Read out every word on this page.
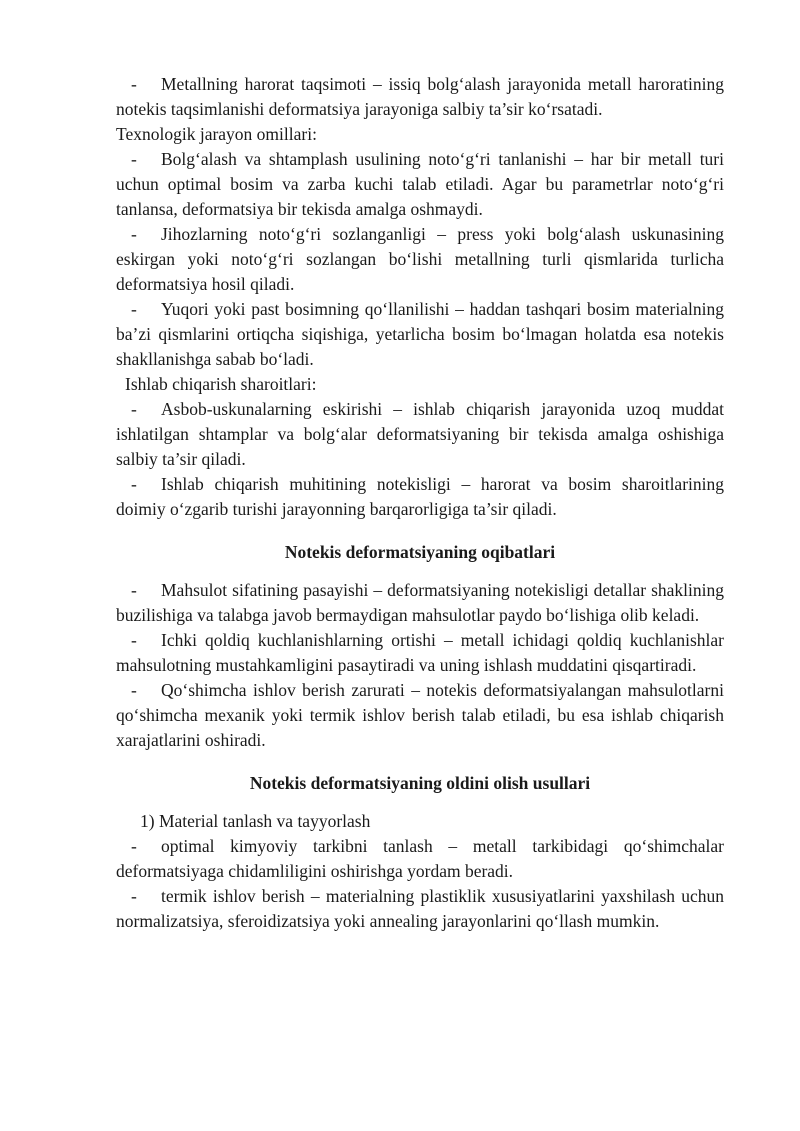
- Metallning harorat taqsimoti – issiq bolg‘alash jarayonida metall haroratining notekis taqsimlanishi deformatsiya jarayoniga salbiy ta’sir ko‘rsatadi.

Texnologik jarayon omillari:

- Bolg‘alash va shtamplash usulining noto‘g‘ri tanlanishi – har bir metall turi uchun optimal bosim va zarba kuchi talab etiladi. Agar bu parametrlar noto‘g‘ri tanlansa, deformatsiya bir tekisda amalga oshmaydi.

- Jihozlarning noto‘g‘ri sozlanganligi – press yoki bolg‘alash uskunasining eskirgan yoki noto‘g‘ri sozlangan bo‘lishi metallning turli qismlarida turlicha deformatsiya hosil qiladi.

- Yuqori yoki past bosimning qo‘llanilishi – haddan tashqari bosim materialning ba’zi qismlarini ortiqcha siqishiga, yetarlicha bosim bo‘lmagan holatda esa notekis shakllanishga sabab bo‘ladi.

Ishlab chiqarish sharoitlari:

- Asbob-uskunalarning eskirishi – ishlab chiqarish jarayonida uzoq muddat ishlatilgan shtamplar va bolg‘alar deformatsiyaning bir tekisda amalga oshishiga salbiy ta’sir qiladi.

- Ishlab chiqarish muhitining notekisligi – harorat va bosim sharoitlarining doimiy o‘zgarib turishi jarayonning barqarorligiga ta’sir qiladi.

Notekis deformatsiyaning oqibatlari

- Mahsulot sifatining pasayishi – deformatsiyaning notekisligi detallar shaklining buzilishiga va talabga javob bermaydigan mahsulotlar paydo bo‘lishiga olib keladi.

- Ichki qoldiq kuchlanishlarning ortishi – metall ichidagi qoldiq kuchlanishlar mahsulotning mustahkamligini pasaytiradi va uning ishlash muddatini qisqartiradi.

- Qo‘shimcha ishlov berish zarurati – notekis deformatsiyalangan mahsulotlarni qo‘shimcha mexanik yoki termik ishlov berish talab etiladi, bu esa ishlab chiqarish xarajatlarini oshiradi.

Notekis deformatsiyaning oldini olish usullari

1) Material tanlash va tayyorlash

- optimal kimyoviy tarkibni tanlash – metall tarkibidagi qo‘shimchalar deformatsiyaga chidamliligini oshirishga yordam beradi.

- termik ishlov berish – materialning plastiklik xususiyatlarini yaxshilash uchun normalizatsiya, sferoidizatsiya yoki annealing jarayonlarini qo‘llash mumkin.
